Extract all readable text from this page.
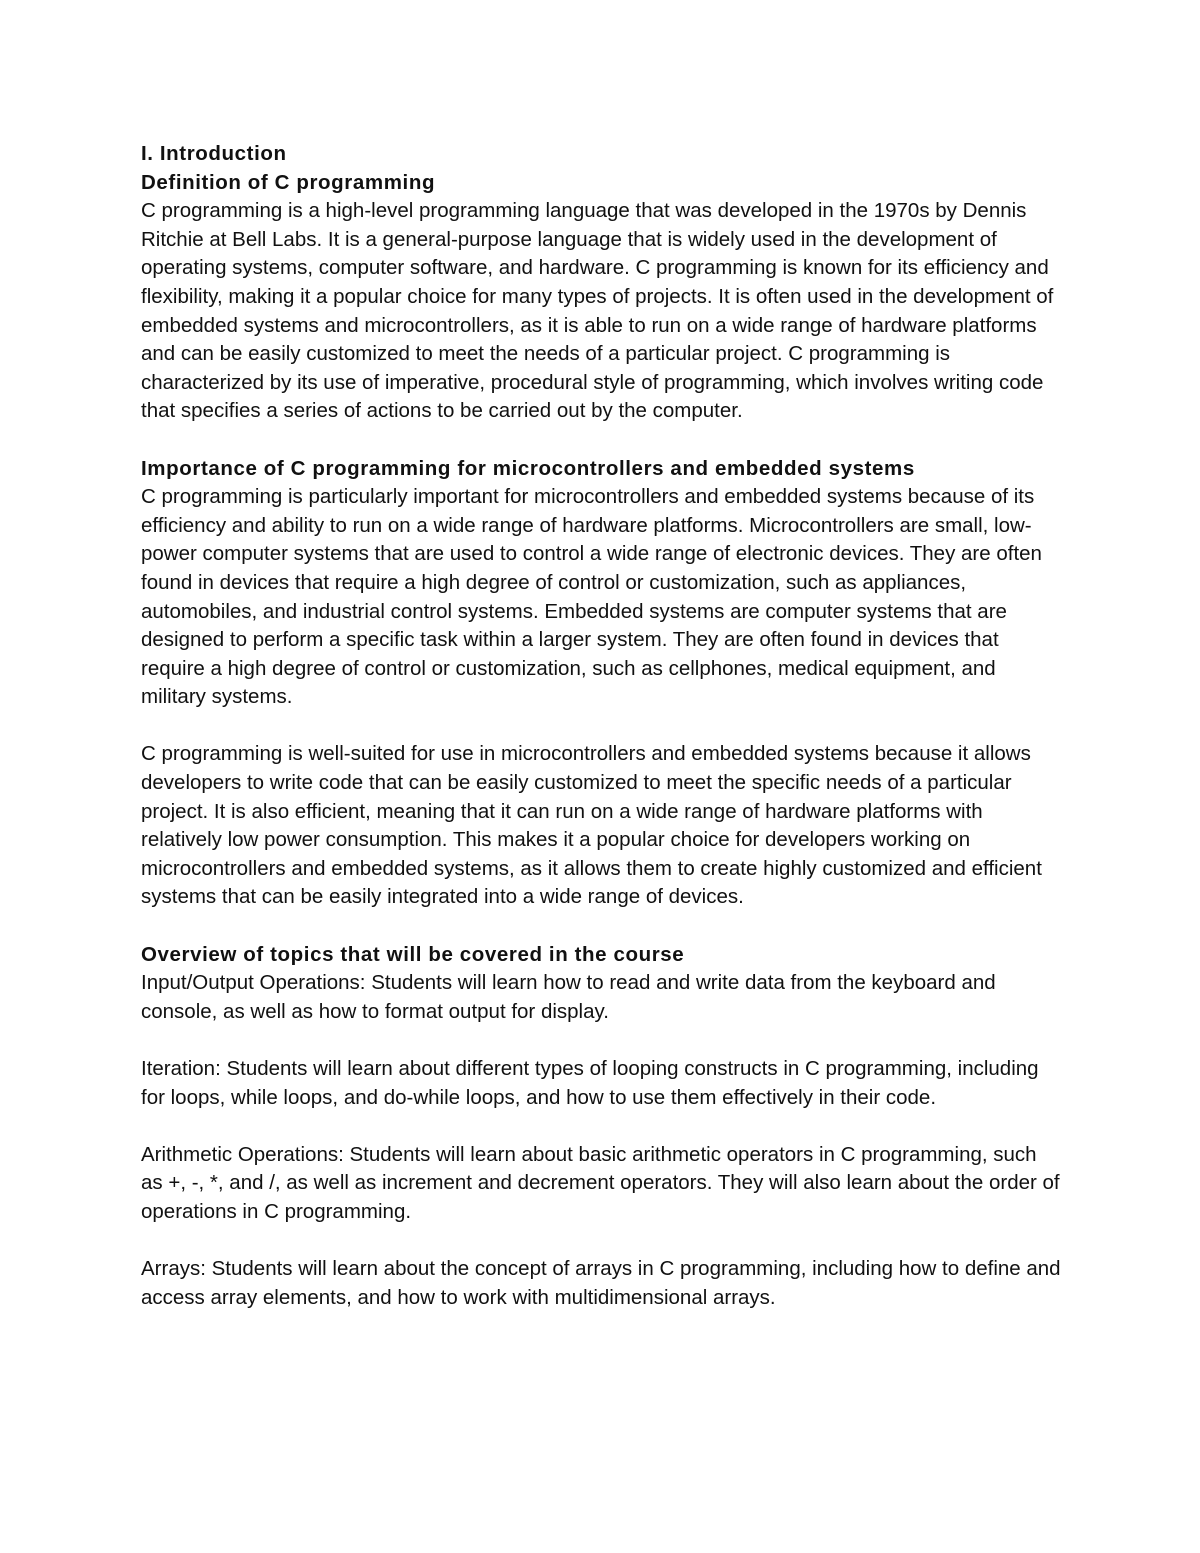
I. Introduction
Definition of C programming

C programming is a high-level programming language that was developed in the 1970s by Dennis Ritchie at Bell Labs. It is a general-purpose language that is widely used in the development of operating systems, computer software, and hardware. C programming is known for its efficiency and flexibility, making it a popular choice for many types of projects. It is often used in the development of embedded systems and microcontrollers, as it is able to run on a wide range of hardware platforms and can be easily customized to meet the needs of a particular project. C programming is characterized by its use of imperative, procedural style of programming, which involves writing code that specifies a series of actions to be carried out by the computer.

Importance of C programming for microcontrollers and embedded systems

C programming is particularly important for microcontrollers and embedded systems because of its efficiency and ability to run on a wide range of hardware platforms. Microcontrollers are small, low-power computer systems that are used to control a wide range of electronic devices. They are often found in devices that require a high degree of control or customization, such as appliances, automobiles, and industrial control systems. Embedded systems are computer systems that are designed to perform a specific task within a larger system. They are often found in devices that require a high degree of control or customization, such as cellphones, medical equipment, and military systems.

C programming is well-suited for use in microcontrollers and embedded systems because it allows developers to write code that can be easily customized to meet the specific needs of a particular project. It is also efficient, meaning that it can run on a wide range of hardware platforms with relatively low power consumption. This makes it a popular choice for developers working on microcontrollers and embedded systems, as it allows them to create highly customized and efficient systems that can be easily integrated into a wide range of devices.

Overview of topics that will be covered in the course

Input/Output Operations: Students will learn how to read and write data from the keyboard and console, as well as how to format output for display.

Iteration: Students will learn about different types of looping constructs in C programming, including for loops, while loops, and do-while loops, and how to use them effectively in their code.

Arithmetic Operations: Students will learn about basic arithmetic operators in C programming, such as +, -, *, and /, as well as increment and decrement operators. They will also learn about the order of operations in C programming.

Arrays: Students will learn about the concept of arrays in C programming, including how to define and access array elements, and how to work with multidimensional arrays.
